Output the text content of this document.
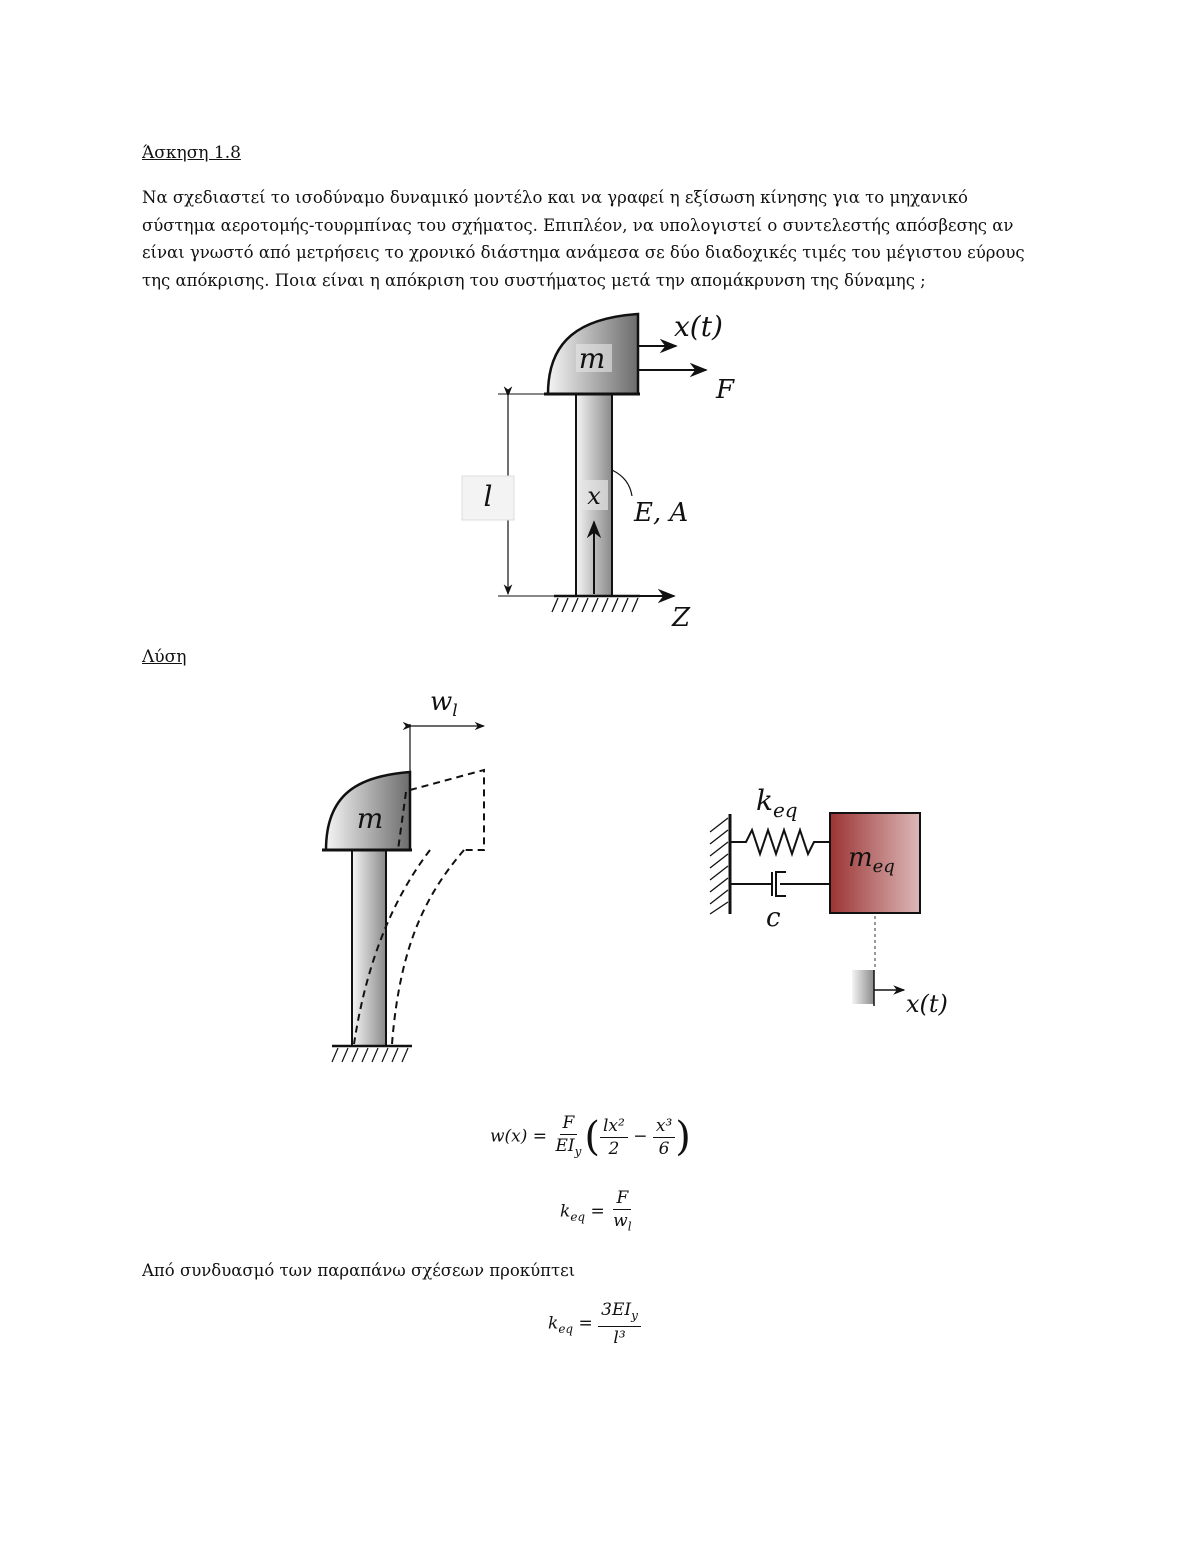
Άσκηση 1.8
Να σχεδιαστεί το ισοδύναμο δυναμικό μοντέλο και να γραφεί η εξίσωση κίνησης για το μηχανικό
σύστημα αεροτομής-τουρμπίνας του σχήματος. Επιπλέον, να υπολογιστεί ο συντελεστής απόσβεσης αν
είναι γνωστό από μετρήσεις το χρονικό διάστημα ανάμεσα σε δύο διαδοχικές τιμές του μέγιστου εύρους
της απόκρισης. Ποια είναι η απόκριση του συστήματος μετά την απομάκρυνση της δύναμης ;
m
x(t)
F
l	x
E, A
Z
Λύση
$w_l$
m
$k_{eq}$
c
$m_{eq}$
x(t)
$w(x) = \frac{F}{EI_y}$ ( $\frac{\text{lx²}}{2} - \frac{\text{x³}}{6}$ )
$k_{eq} = \frac{F}{w_l}$
Από συνδυασμό των παραπάνω σχέσεων προκύπτει
$k_{eq} = \frac{3EI_y}{\text{l³}}$
